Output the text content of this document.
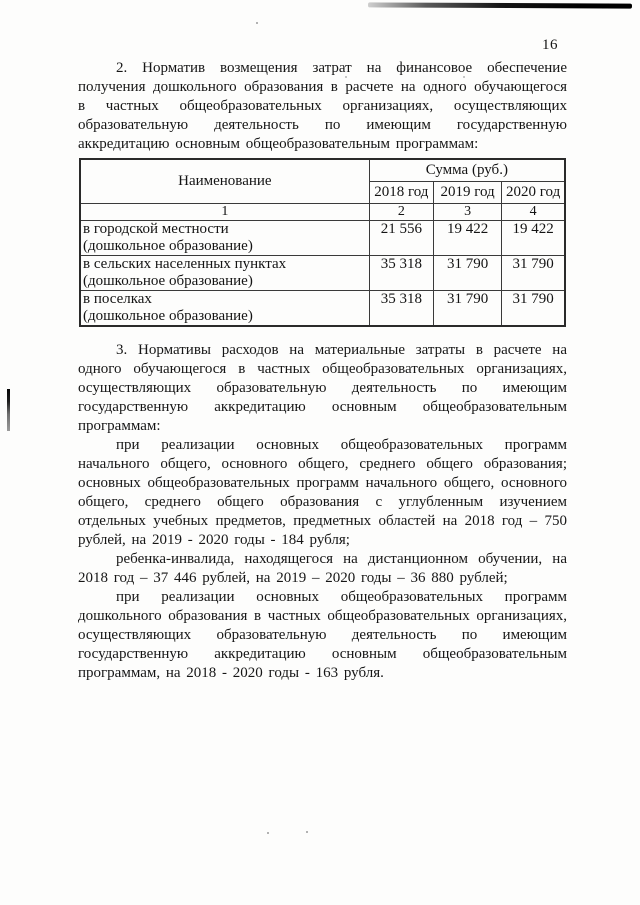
16

2. Норматив возмещения затрат на финансовое обеспечение получения дошкольного образования в расчете на одного обучающегося в частных общеобразовательных организациях, осуществляющих образовательную деятельность по имеющим государственную аккредитацию основным общеобразовательным программам:

Наименование	Сумма (руб.)		
	2018 год	2019 год	2020 год
1	2	3	4
в городской местности
(дошкольное образование)	21 556	19 422	19 422
в сельских населенных пунктах
(дошкольное образование)	35 318	31 790	31 790
в поселках
(дошкольное образование)	35 318	31 790	31 790

3. Нормативы расходов на материальные затраты в расчете на одного обучающегося в частных общеобразовательных организациях, осуществляющих образовательную деятельность по имеющим государственную аккредитацию основным общеобразовательным программам:

при реализации основных общеобразовательных программ начального общего, основного общего, среднего общего образования; основных общеобразовательных программ начального общего, основного общего, среднего общего образования с углубленным изучением отдельных учебных предметов, предметных областей на 2018 год – 750 рублей, на 2019 - 2020 годы - 184 рубля;

ребенка-инвалида, находящегося на дистанционном обучении, на 2018 год – 37 446 рублей, на 2019 – 2020 годы – 36 880 рублей;

при реализации основных общеобразовательных программ дошкольного образования в частных общеобразовательных организациях, осуществляющих образовательную деятельность по имеющим государственную аккредитацию основным общеобразовательным программам, на 2018 - 2020 годы - 163 рубля.
